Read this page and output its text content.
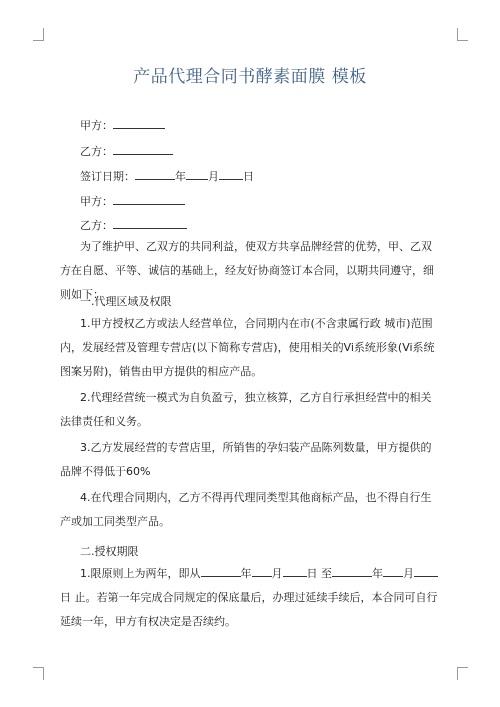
产品代理合同书酵素面膜 模板
甲方：
乙方：
签订日期：	年 月 日
甲方：
乙方：
为了维护甲、乙双方的共同利益，使双方共享品牌经营的优势，甲、乙双方在自愿、平等、诚信的基础上，经友好协商签订本合同，以期共同遵守，细则如下：
一.代理区域及权限
1.甲方授权乙方或法人经营单位，合同期内在市(不含隶属行政 城市)范围内，发展经营及管理专营店(以下简称专营店)，使用相关的Vi系统形象(Vi系统图案另附)，销售由甲方提供的相应产品。
2.代理经营统一模式为自负盈亏，独立核算，乙方自行承担经营中的相关法律责任和义务。
3.乙方发展经营的专营店里，所销售的孕妇装产品陈列数量，甲方提供的品牌不得低于60%
4.在代理合同期内，乙方不得再代理同类型其他商标产品，也不得自行生产或加工同类型产品。
二.授权期限
1.限原则上为两年，即从	年 月 日 至	年 月日 止。若第一年完成合同规定的保底量后，办理过延续手续后，本合同可自行延续一年，甲方有权决定是否续约。
